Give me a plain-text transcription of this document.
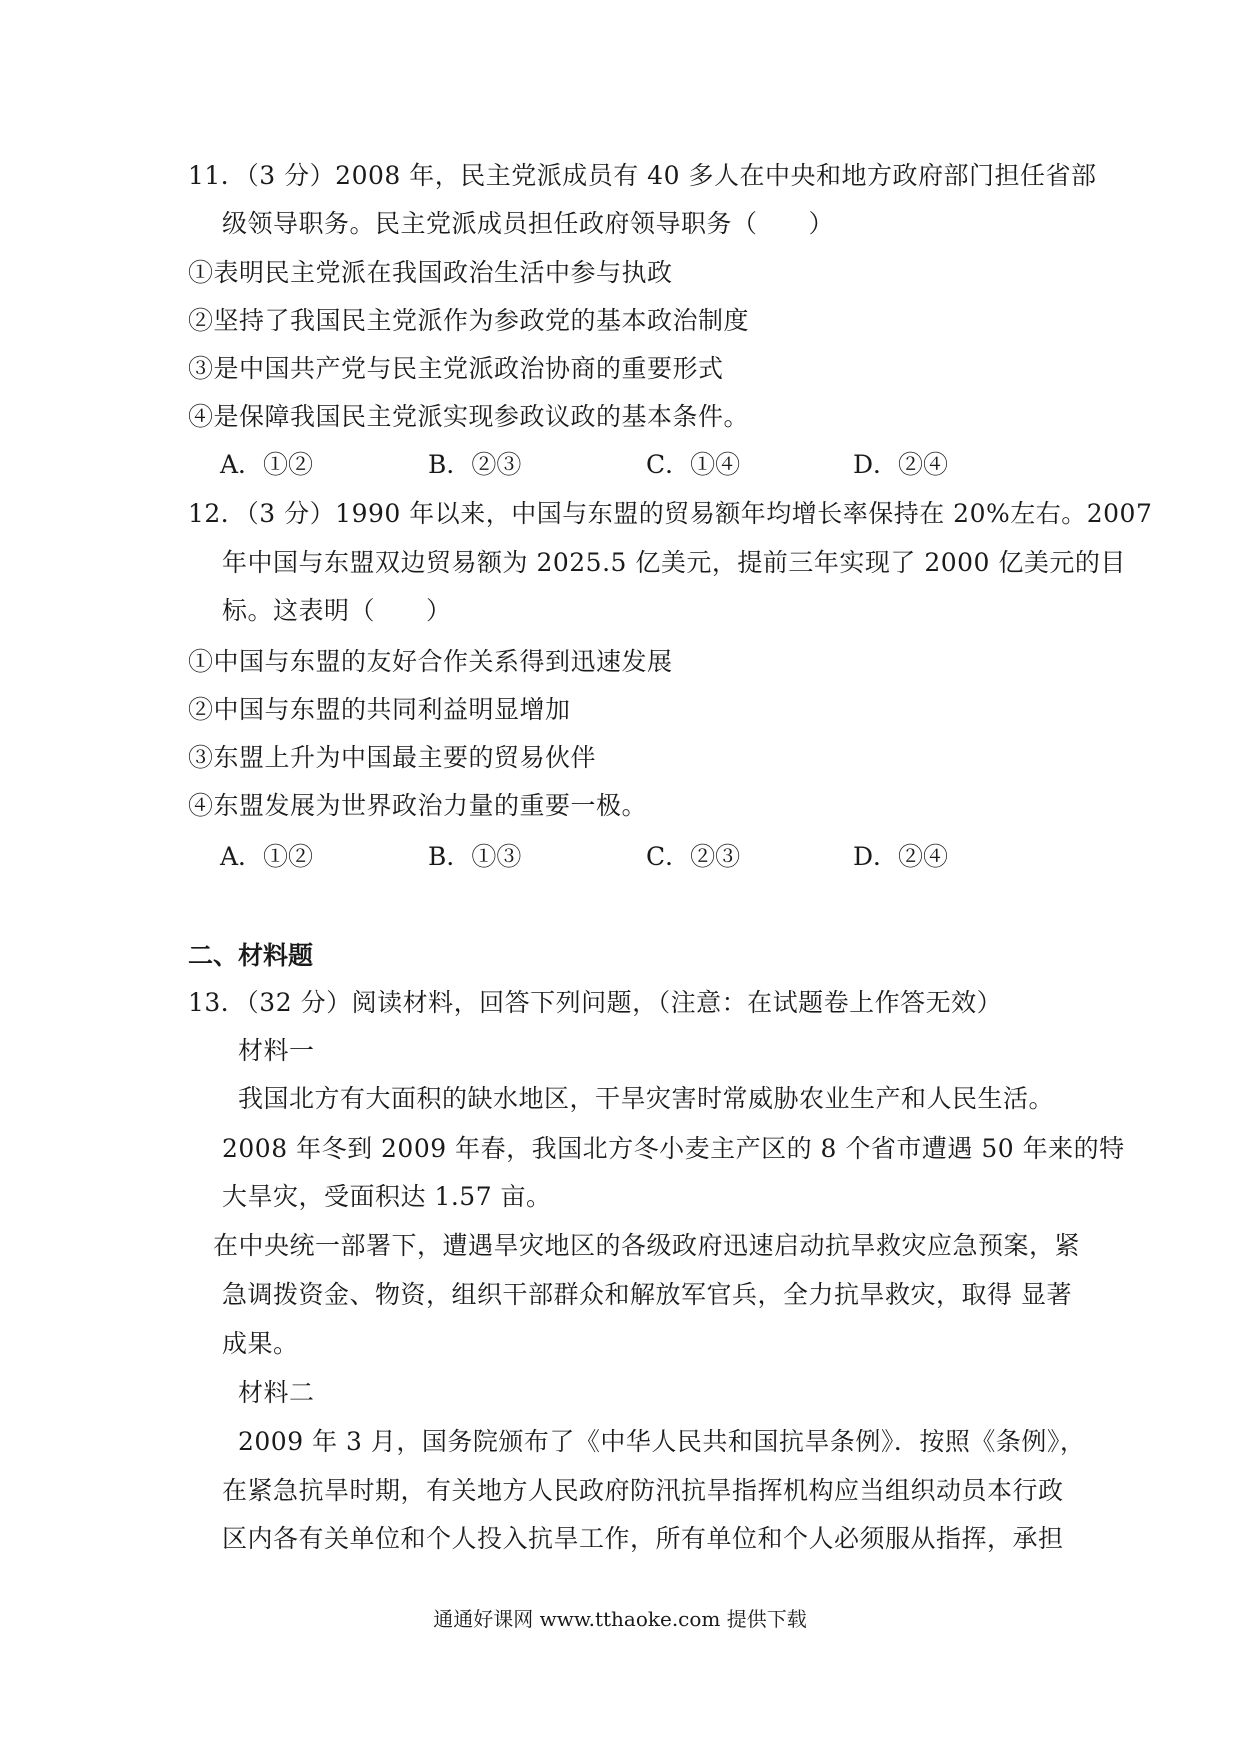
11．（3 分）2008 年，民主党派成员有 40 多人在中央和地方政府部门担任省部
级领导职务。民主党派成员担任政府领导职务（　　）
①表明民主党派在我国政治生活中参与执政
②坚持了我国民主党派作为参政党的基本政治制度
③是中国共产党与民主党派政治协商的重要形式
④是保障我国民主党派实现参政议政的基本条件。
A．①②	B．②③	C．①④	D．②④
12．（3 分）1990 年以来，中国与东盟的贸易额年均增长率保持在 20%左右。2007
年中国与东盟双边贸易额为 2025.5 亿美元，提前三年实现了 2000 亿美元的目
标。这表明（　　）
①中国与东盟的友好合作关系得到迅速发展
②中国与东盟的共同利益明显增加
③东盟上升为中国最主要的贸易伙伴
④东盟发展为世界政治力量的重要一极。
A．①②	B．①③	C．②③	D．②④
二、材料题
13．（32 分）阅读材料，回答下列问题，（注意：在试题卷上作答无效）
材料一
我国北方有大面积的缺水地区，干旱灾害时常威胁农业生产和人民生活。
2008 年冬到 2009 年春，我国北方冬小麦主产区的 8 个省市遭遇 50 年来的特
大旱灾，受面积达 1.57 亩。
在中央统一部署下，遭遇旱灾地区的各级政府迅速启动抗旱救灾应急预案，紧
急调拨资金、物资，组织干部群众和解放军官兵，全力抗旱救灾，取得 显著
成果。
材料二
2009 年 3 月，国务院颁布了《中华人民共和国抗旱条例》．按照《条例》，
在紧急抗旱时期，有关地方人民政府防汛抗旱指挥机构应当组织动员本行政
区内各有关单位和个人投入抗旱工作，所有单位和个人必须服从指挥，承担
通通好课网 www.tthaoke.com 提供下载
